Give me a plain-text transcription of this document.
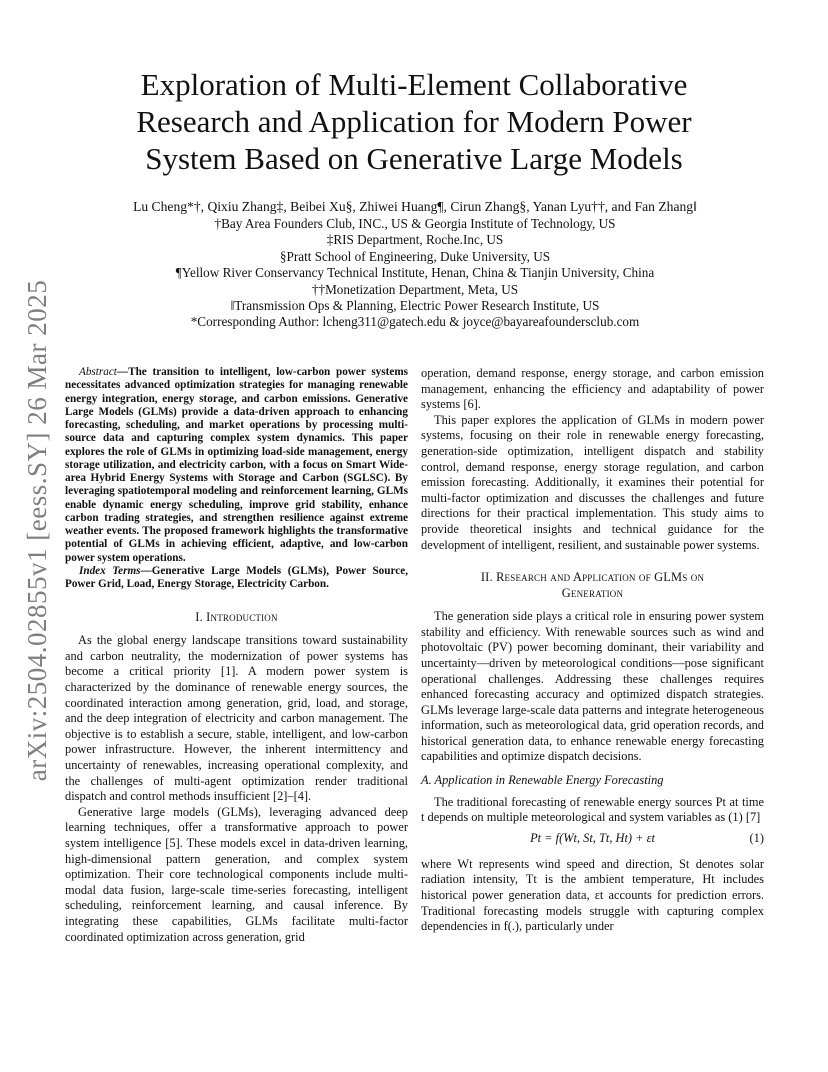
arXiv:2504.02855v1 [eess.SY] 26 Mar 2025
Exploration of Multi-Element Collaborative Research and Application for Modern Power System Based on Generative Large Models
Lu Cheng*†, Qixiu Zhang‡, Beibei Xu§, Zhiwei Huang¶, Cirun Zhang§, Yanan Lyu††, and Fan Zhang‖
†Bay Area Founders Club, INC., US & Georgia Institute of Technology, US
‡RIS Department, Roche.Inc, US
§Pratt School of Engineering, Duke University, US
¶Yellow River Conservancy Technical Institute, Henan, China & Tianjin University, China
††Monetization Department, Meta, US
‖Transmission Ops & Planning, Electric Power Research Institute, US
*Corresponding Author: lcheng311@gatech.edu & joyce@bayareafoundersclub.com

Abstract—The transition to intelligent, low-carbon power systems necessitates advanced optimization strategies for managing renewable energy integration, energy storage, and carbon emissions. Generative Large Models (GLMs) provide a data-driven approach to enhancing forecasting, scheduling, and market operations by processing multi-source data and capturing complex system dynamics. This paper explores the role of GLMs in optimizing load-side management, energy storage utilization, and electricity carbon, with a focus on Smart Wide-area Hybrid Energy Systems with Storage and Carbon (SGLSC). By leveraging spatiotemporal modeling and reinforcement learning, GLMs enable dynamic energy scheduling, improve grid stability, enhance carbon trading strategies, and strengthen resilience against extreme weather events. The proposed framework highlights the transformative potential of GLMs in achieving efficient, adaptive, and low-carbon power system operations.

Index Terms—Generative Large Models (GLMs), Power Source, Power Grid, Load, Energy Storage, Electricity Carbon.

I. Introduction

As the global energy landscape transitions toward sustainability and carbon neutrality, the modernization of power systems has become a critical priority [1]. A modern power system is characterized by the dominance of renewable energy sources, the coordinated interaction among generation, grid, load, and storage, and the deep integration of electricity and carbon management. The objective is to establish a secure, stable, intelligent, and low-carbon power infrastructure. However, the inherent intermittency and uncertainty of renewables, increasing operational complexity, and the challenges of multi-agent optimization render traditional dispatch and control methods insufficient [2]–[4].

Generative large models (GLMs), leveraging advanced deep learning techniques, offer a transformative approach to power system intelligence [5]. These models excel in data-driven learning, high-dimensional pattern generation, and complex system optimization. Their core technological components include multi-modal data fusion, large-scale time-series forecasting, intelligent scheduling, reinforcement learning, and causal inference. By integrating these capabilities, GLMs facilitate multi-factor coordinated optimization across generation, grid

operation, demand response, energy storage, and carbon emission management, enhancing the efficiency and adaptability of power systems [6].

This paper explores the application of GLMs in modern power systems, focusing on their role in renewable energy forecasting, generation-side optimization, intelligent dispatch and stability control, demand response, energy storage regulation, and carbon emission forecasting. Additionally, it examines their potential for multi-factor optimization and discusses the challenges and future directions for their practical implementation. This study aims to provide theoretical insights and technical guidance for the development of intelligent, resilient, and sustainable power systems.

II. Research and Application of GLMs on
Generation

The generation side plays a critical role in ensuring power system stability and efficiency. With renewable sources such as wind and photovoltaic (PV) power becoming dominant, their variability and uncertainty—driven by meteorological conditions—pose significant operational challenges. Addressing these challenges requires enhanced forecasting accuracy and optimized dispatch strategies. GLMs leverage large-scale data patterns and integrate heterogeneous information, such as meteorological data, grid operation records, and historical generation data, to enhance renewable energy forecasting capabilities and optimize dispatch decisions.

A. Application in Renewable Energy Forecasting

The traditional forecasting of renewable energy sources Pt at time t depends on multiple meteorological and system variables as (1) [7]

Pt = f(Wt, St, Tt, Ht) + εt	(1)

where Wt represents wind speed and direction, St denotes solar radiation intensity, Tt is the ambient temperature, Ht includes historical power generation data, εt accounts for prediction errors. Traditional forecasting models struggle with capturing complex dependencies in f(.), particularly under
